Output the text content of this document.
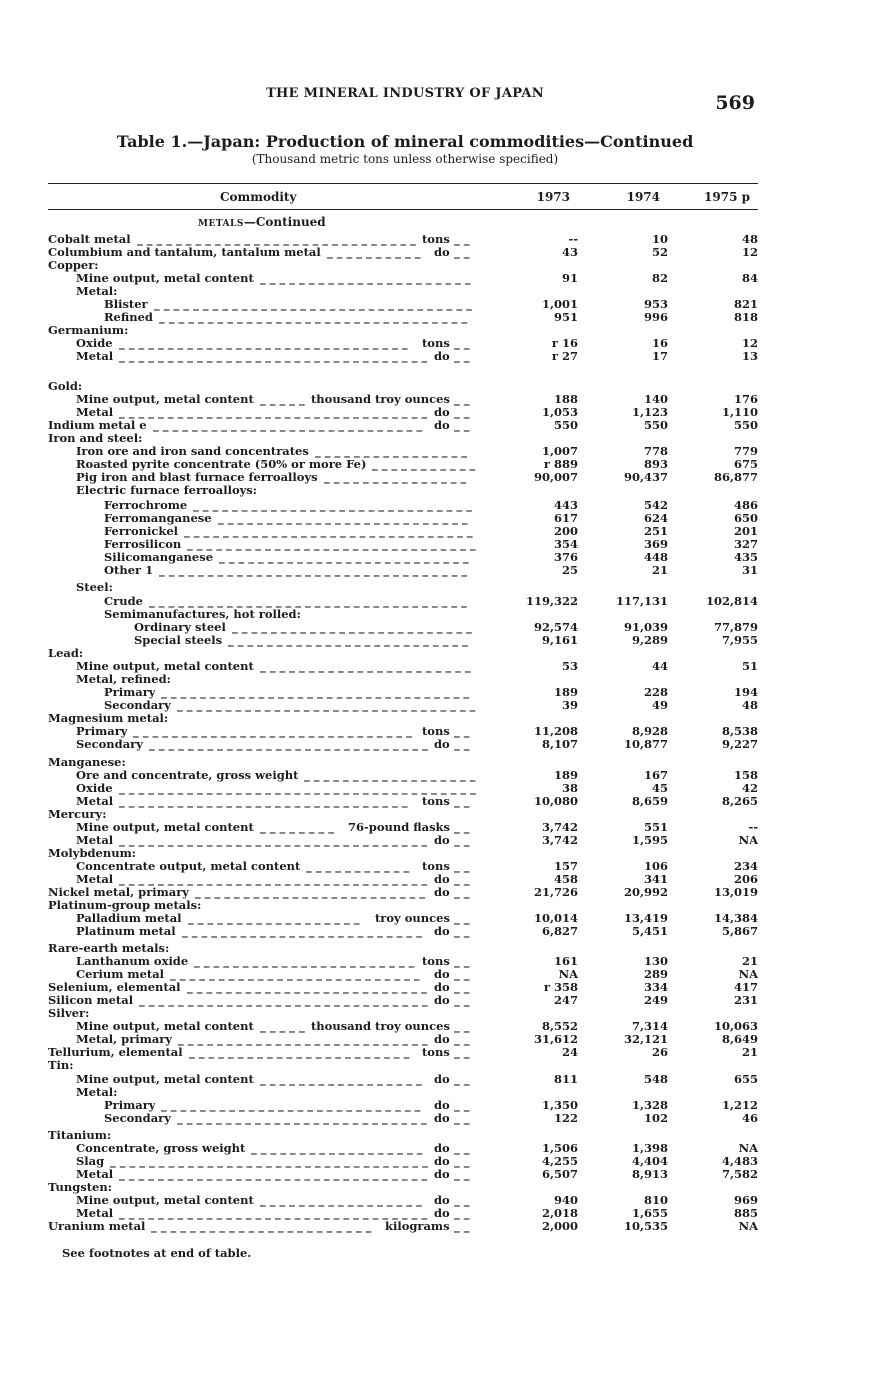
THE MINERAL INDUSTRY OF JAPAN	569
Table 1.—Japan: Production of mineral commodities—Continued
(Thousand metric tons unless otherwise specified)
Commodity	1973	1974	1975 p
METALS—Continued
Cobalt metal _ _ _ _ _ _ _ _ _ _ _ _ _ _ _ _ _ _ _ _ _ _ _ _ _ _ _ _ _ tons	--	10	48
_ _
Columbium and tantalum, tantalum metal _ _ _ _ _ _ _ _ _ _	do	43	52	12
_ _
Copper:
Mine output, metal content _ _ _ _ _ _ _ _ _ _ _ _ _ _ _ _ _ _ _ _ _ _	91	82	84
Metal:
Blister _ _ _ _ _ _ _ _ _ _ _ _ _ _ _ _ _ _ _ _ _ _ _ _ _ _ _ _ _ _ _ _ _	1,001	953	821
Refined _ _ _ _ _ _ _ _ _ _ _ _ _ _ _ _ _ _ _ _ _ _ _ _ _ _ _ _ _ _ _ _	951	996	818
Germanium:
Oxide _ _ _ _ _ _ _ _ _ _ _ _ _ _ _ _ _ _ _ _ _ _ _ _ _ _ _ _ _ _	tons	r 16	16	12
_ _
Metal _ _ _ _ _ _ _ _ _ _ _ _ _ _ _ _ _ _ _ _ _ _ _ _ _ _ _ _ _ _ _ _ do	r 27	17	13
_ _
Gold:
Mine output, metal content _ _ _ _ _ thousand troy ounces	188	140	176
_ _
Metal _ _ _ _ _ _ _ _ _ _ _ _ _ _ _ _ _ _ _ _ _ _ _ _ _ _ _ _ _ _ _ _ do	1,053	1,123	1,110
_ _
Indium metal e _ _ _ _ _ _ _ _ _ _ _ _ _ _ _ _ _ _ _ _ _ _ _ _ _ _ _ _	do	550	550	550
_ _
Iron and steel:
Iron ore and iron sand concentrates _ _ _ _ _ _ _ _ _ _ _ _ _ _ _ _	1,007	778	779
Roasted pyrite concentrate (50% or more Fe) _ _ _ _ _ _ _ _ _ _ _	r 889	893	675
Pig iron and blast furnace ferroalloys _ _ _ _ _ _ _ _ _ _ _ _ _ _ _	90,007	90,437	86,877
Electric furnace ferroalloys:
Ferrochrome _ _ _ _ _ _ _ _ _ _ _ _ _ _ _ _ _ _ _ _ _ _ _ _ _ _ _ _ _	443	542	486
Ferromanganese _ _ _ _ _ _ _ _ _ _ _ _ _ _ _ _ _ _ _ _ _ _ _ _ _ _	617	624	650
Ferronickel _ _ _ _ _ _ _ _ _ _ _ _ _ _ _ _ _ _ _ _ _ _ _ _ _ _ _ _ _ _	200	251	201
Ferrosilicon _ _ _ _ _ _ _ _ _ _ _ _ _ _ _ _ _ _ _ _ _ _ _ _ _ _ _ _ _ _	354	369	327
Silicomanganese _ _ _ _ _ _ _ _ _ _ _ _ _ _ _ _ _ _ _ _ _ _ _ _ _ _	376	448	435
Other 1 _ _ _ _ _ _ _ _ _ _ _ _ _ _ _ _ _ _ _ _ _ _ _ _ _ _ _ _ _ _ _ _	25	21	31
Steel:
Crude _ _ _ _ _ _ _ _ _ _ _ _ _ _ _ _ _ _ _ _ _ _ _ _ _ _ _ _ _ _ _ _ _	119,322	117,131	102,814
Semimanufactures, hot rolled:
Ordinary steel _ _ _ _ _ _ _ _ _ _ _ _ _ _ _ _ _ _ _ _ _ _ _ _ _	92,574	91,039	77,879
Special steels _ _ _ _ _ _ _ _ _ _ _ _ _ _ _ _ _ _ _ _ _ _ _ _ _	9,161	9,289	7,955
Lead:
Mine output, metal content _ _ _ _ _ _ _ _ _ _ _ _ _ _ _ _ _ _ _ _ _ _	53	44	51
Metal, refined:
Primary _ _ _ _ _ _ _ _ _ _ _ _ _ _ _ _ _ _ _ _ _ _ _ _ _ _ _ _ _ _ _ _	189	228	194
Secondary _ _ _ _ _ _ _ _ _ _ _ _ _ _ _ _ _ _ _ _ _ _ _ _ _ _ _ _ _ _ _	39	49	48
Magnesium metal:
Primary _ _ _ _ _ _ _ _ _ _ _ _ _ _ _ _ _ _ _ _ _ _ _ _ _ _ _ _ _ tons	11,208	8,928	8,538
_ _
Secondary _ _ _ _ _ _ _ _ _ _ _ _ _ _ _ _ _ _ _ _ _ _ _ _ _ _ _ _ _ do	8,107	10,877	9,227
_ _
Manganese:
Ore and concentrate, gross weight _ _ _ _ _ _ _ _ _ _ _ _ _ _ _ _ _ _	189	167	158
Oxide _ _ _ _ _ _ _ _ _ _ _ _ _ _ _ _ _ _ _ _ _ _ _ _ _ _ _ _ _ _ _ _ _ _ _ _ _	38	45	42
Metal _ _ _ _ _ _ _ _ _ _ _ _ _ _ _ _ _ _ _ _ _ _ _ _ _ _ _ _ _ _	tons	10,080	8,659	8,265
_ _
Mercury:
Mine output, metal content _ _ _ _ _ _ _ _	76-pound flasks	3,742	551	--
_ _
Metal _ _ _ _ _ _ _ _ _ _ _ _ _ _ _ _ _ _ _ _ _ _ _ _ _ _ _ _ _ _ _ _ do	3,742	1,595	NA
_ _
Molybdenum:
Concentrate output, metal content _ _ _ _ _ _ _ _ _ _ _	tons	157	106	234
_ _
Metal _ _ _ _ _ _ _ _ _ _ _ _ _ _ _ _ _ _ _ _ _ _ _ _ _ _ _ _ _ _ _ _ do	458	341	206
_ _
Nickel metal, primary _ _ _ _ _ _ _ _ _ _ _ _ _ _ _ _ _ _ _ _ _ _ _ _ do	21,726	20,992	13,019
_ _
Platinum-group metals:
Palladium metal _ _ _ _ _ _ _ _ _ _ _ _ _ _ _ _ _ _	troy ounces	10,014	13,419	14,384
_ _
Platinum metal _ _ _ _ _ _ _ _ _ _ _ _ _ _ _ _ _ _ _ _ _ _ _ _ _	do	6,827	5,451	5,867
_ _
Rare-earth metals:
Lanthanum oxide _ _ _ _ _ _ _ _ _ _ _ _ _ _ _ _ _ _ _ _ _ _ _ tons	161	130	21
_ _
Cerium metal _ _ _ _ _ _ _ _ _ _ _ _ _ _ _ _ _ _ _ _ _ _ _ _ _ _	do	NA	289	NA
_ _
Selenium, elemental _ _ _ _ _ _ _ _ _ _ _ _ _ _ _ _ _ _ _ _ _ _ _ _ _ do	r 358	334	417
_ _
Silicon metal _ _ _ _ _ _ _ _ _ _ _ _ _ _ _ _ _ _ _ _ _ _ _ _ _ _ _ _ _ _ do	247	249	231
_ _
Silver:
Mine output, metal content _ _ _ _ _ thousand troy ounces	8,552	7,314	10,063
_ _
Metal, primary _ _ _ _ _ _ _ _ _ _ _ _ _ _ _ _ _ _ _ _ _ _ _ _ _ _ do	31,612	32,121	8,649
_ _
Tellurium, elemental _ _ _ _ _ _ _ _ _ _ _ _ _ _ _ _ _ _ _ _ _ _ _	tons	24	26	21
_ _
Tin:
Mine output, metal content _ _ _ _ _ _ _ _ _ _ _ _ _ _ _ _ _	do	811	548	655
_ _
Metal:
Primary _ _ _ _ _ _ _ _ _ _ _ _ _ _ _ _ _ _ _ _ _ _ _ _ _ _ _	do	1,350	1,328	1,212
_ _
Secondary _ _ _ _ _ _ _ _ _ _ _ _ _ _ _ _ _ _ _ _ _ _ _ _ _ _ do	122	102	46
_ _
Titanium:
Concentrate, gross weight _ _ _ _ _ _ _ _ _ _ _ _ _ _ _ _ _ _ do	1,506	1,398	NA
_ _
Slag _ _ _ _ _ _ _ _ _ _ _ _ _ _ _ _ _ _ _ _ _ _ _ _ _ _ _ _ _ _ _ _ _ do	4,255	4,404	4,483
_ _
Metal _ _ _ _ _ _ _ _ _ _ _ _ _ _ _ _ _ _ _ _ _ _ _ _ _ _ _ _ _ _ _ _ do	6,507	8,913	7,582
_ _
Tungsten:
Mine output, metal content _ _ _ _ _ _ _ _ _ _ _ _ _ _ _ _ _	do	940	810	969
_ _
Metal _ _ _ _ _ _ _ _ _ _ _ _ _ _ _ _ _ _ _ _ _ _ _ _ _ _ _ _ _ _ _ _ do	2,018	1,655	885
_ _
Uranium metal _ _ _ _ _ _ _ _ _ _ _ _ _ _ _ _ _ _ _ _ _ _ _	kilograms	2,000	10,535	NA
_ _
See footnotes at end of table.
